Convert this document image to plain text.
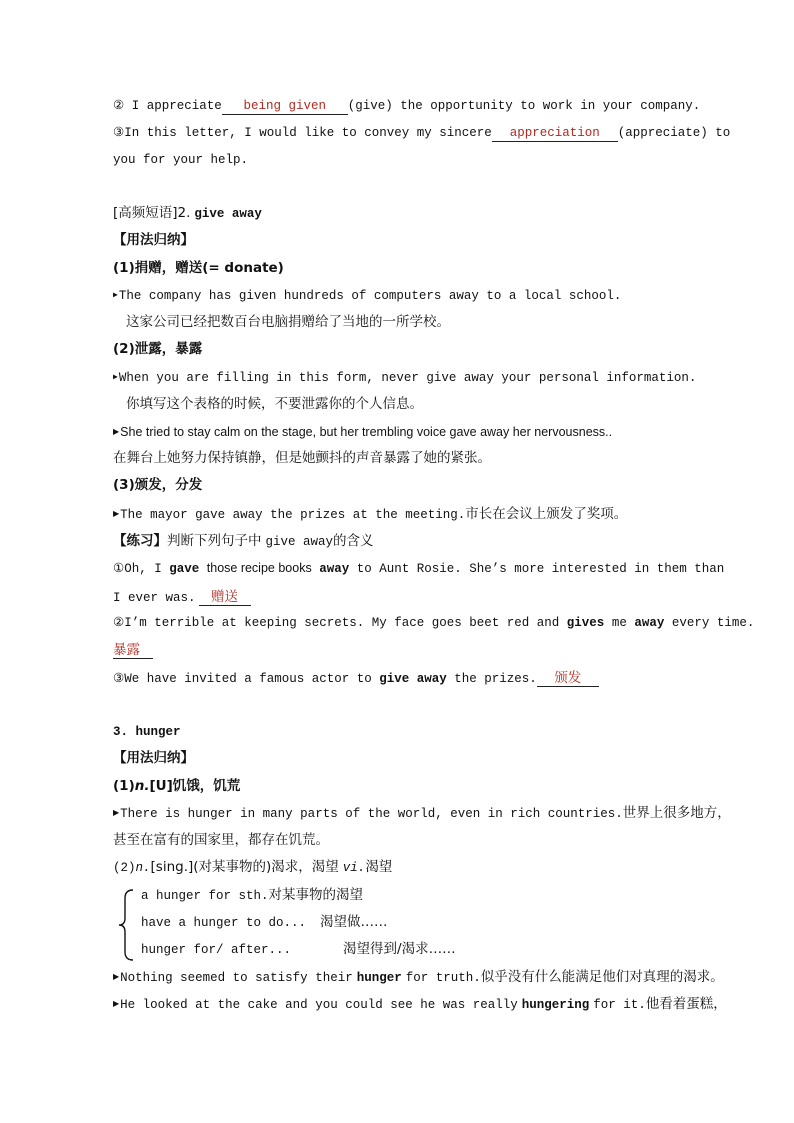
② I appreciate being given (give) the opportunity to work in your company.
③In this letter, I would like to convey my sincere appreciation (appreciate) to
you for your help.
[高频短语]2. give away
【用法归纳】
(1)捐赠，赠送(= donate)
▶The company has given hundreds of computers away to a local school.
这家公司已经把数百台电脑捐赠给了当地的一所学校。
(2)泄露，暴露
▶When you are filling in this form, never give away your personal information.
你填写这个表格的时候，不要泄露你的个人信息。
▶She tried to stay calm on the stage, but her trembling voice gave away her nervousness..
在舞台上她努力保持镇静，但是她颤抖的声音暴露了她的紧张。
(3)颁发，分发
▶The mayor gave away the prizes at the meeting.市长在会议上颁发了奖项。
【练习】判断下列句子中 give away的含义
①Oh, I gave those recipe books away to Aunt Rosie. She’s more interested in them than
I ever was. 赠送
②I’m terrible at keeping secrets. My face goes beet red and gives me away every time.
暴露
③We have invited a famous actor to give away the prizes. 颁发
3. hunger
【用法归纳】
(1)n.[U]饥饿，饥荒
▶There is hunger in many parts of the world, even in rich countries.世界上很多地方，
甚至在富有的国家里，都存在饥荒。
(2)n.[sing.](对某事物的)渴求，渴望 vi.渴望
a hunger for sth.对某事物的渴望
have a hunger to do... 渴望做……
hunger for/ after...	渴望得到/渴求……
▶Nothing seemed to satisfy their hunger for truth.似乎没有什么能满足他们对真理的渴求。
▶He looked at the cake and you could see he was really hungering for it.他看着蛋糕，
